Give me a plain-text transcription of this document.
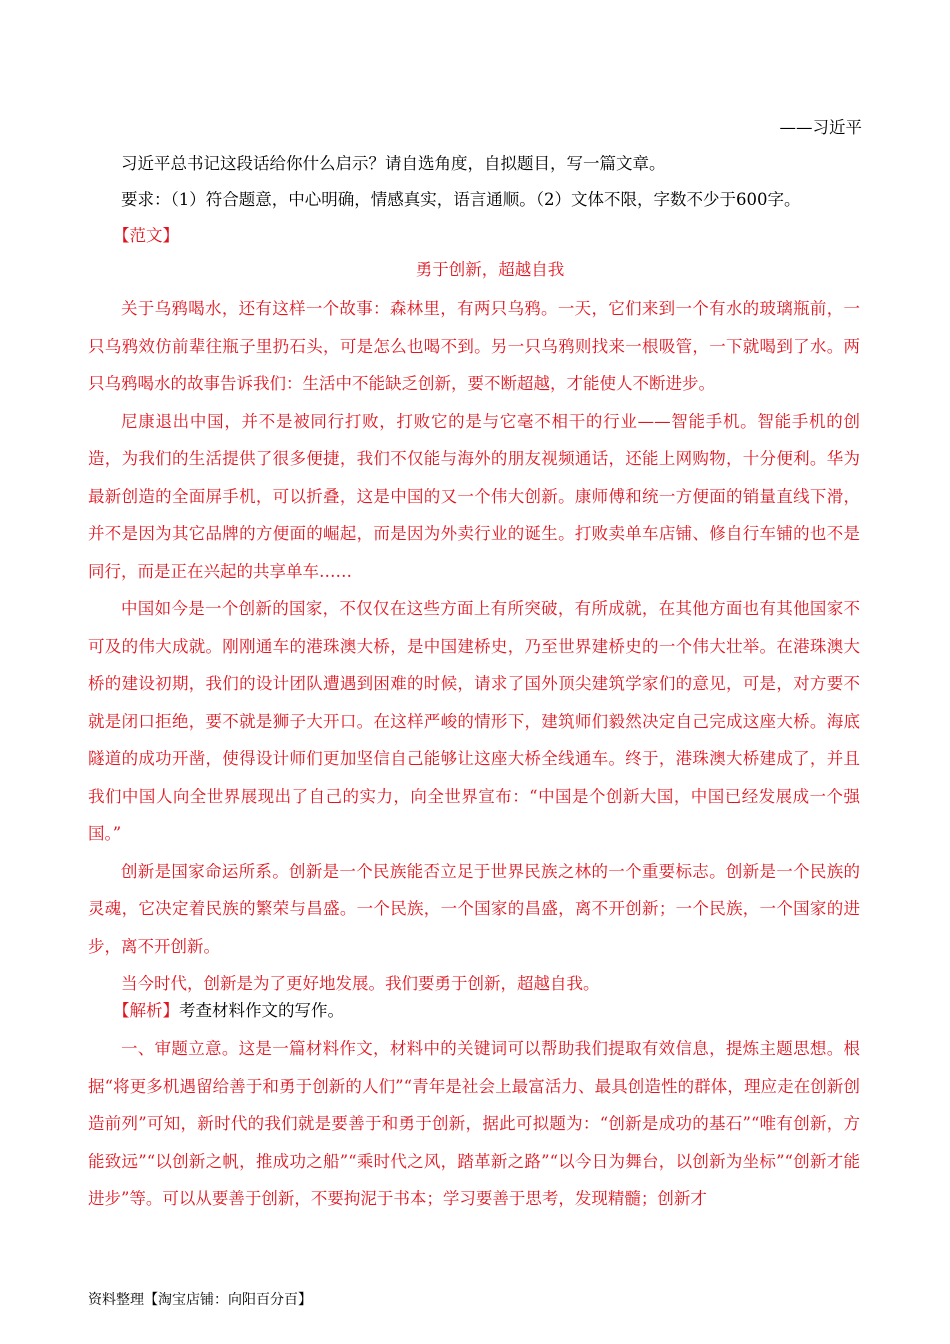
——习近平
习近平总书记这段话给你什么启示？请自选角度，自拟题目，写一篇文章。
要求：（1）符合题意，中心明确，情感真实，语言通顺。（2）文体不限，字数不少于600字。
【范文】
勇于创新，超越自我

关于乌鸦喝水，还有这样一个故事：森林里，有两只乌鸦。一天，它们来到一个有水的玻璃瓶前，一只乌鸦效仿前辈往瓶子里扔石头，可是怎么也喝不到。另一只乌鸦则找来一根吸管，一下就喝到了水。两只乌鸦喝水的故事告诉我们：生活中不能缺乏创新，要不断超越，才能使人不断进步。

尼康退出中国，并不是被同行打败，打败它的是与它毫不相干的行业——智能手机。智能手机的创造，为我们的生活提供了很多便捷，我们不仅能与海外的朋友视频通话，还能上网购物，十分便利。华为最新创造的全面屏手机，可以折叠，这是中国的又一个伟大创新。康师傅和统一方便面的销量直线下滑，并不是因为其它品牌的方便面的崛起，而是因为外卖行业的诞生。打败卖单车店铺、修自行车铺的也不是同行，而是正在兴起的共享单车……

中国如今是一个创新的国家，不仅仅在这些方面上有所突破，有所成就，在其他方面也有其他国家不可及的伟大成就。刚刚通车的港珠澳大桥，是中国建桥史，乃至世界建桥史的一个伟大壮举。在港珠澳大桥的建设初期，我们的设计团队遭遇到困难的时候，请求了国外顶尖建筑学家们的意见，可是，对方要不就是闭口拒绝，要不就是狮子大开口。在这样严峻的情形下，建筑师们毅然决定自己完成这座大桥。海底隧道的成功开凿，使得设计师们更加坚信自己能够让这座大桥全线通车。终于，港珠澳大桥建成了，并且我们中国人向全世界展现出了自己的实力，向全世界宣布：“中国是个创新大国，中国已经发展成一个强国。”

创新是国家命运所系。创新是一个民族能否立足于世界民族之林的一个重要标志。创新是一个民族的灵魂，它决定着民族的繁荣与昌盛。一个民族，一个国家的昌盛，离不开创新；一个民族，一个国家的进步，离不开创新。

当今时代，创新是为了更好地发展。我们要勇于创新，超越自我。

【解析】考查材料作文的写作。

一、审题立意。这是一篇材料作文，材料中的关键词可以帮助我们提取有效信息，提炼主题思想。根据“将更多机遇留给善于和勇于创新的人们”“青年是社会上最富活力、最具创造性的群体，理应走在创新创造前列”可知，新时代的我们就是要善于和勇于创新，据此可拟题为：“创新是成功的基石”“唯有创新，方能致远”“以创新之帆，推成功之船”“乘时代之风，踏革新之路”“以今日为舞台，以创新为坐标”“创新才能进步”等。可以从要善于创新，不要拘泥于书本；学习要善于思考，发现精髓；创新才

资料整理【淘宝店铺：向阳百分百】
